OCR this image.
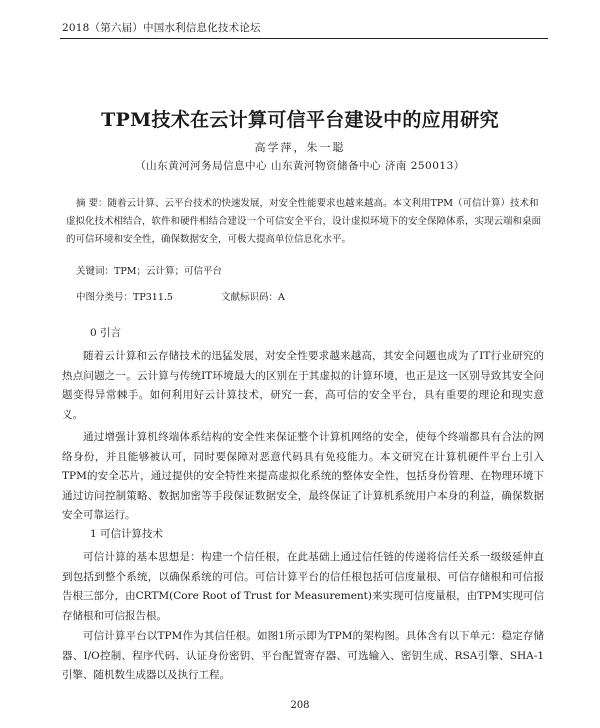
2018（第六届）中国水利信息化技术论坛
TPM技术在云计算可信平台建设中的应用研究
高学萍，朱一聪
（山东黄河河务局信息中心 山东黄河物资储备中心 济南 250013）
摘 要：随着云计算、云平台技术的快速发展，对安全性能要求也越来越高。本文利用TPM（可信计算）技术和虚拟化技术相结合，软件和硬件相结合建设一个可信安全平台，设计虚拟环境下的安全保障体系，实现云端和桌面的可信环境和安全性，确保数据安全，可极大提高单位信息化水平。
关键词：TPM；云计算；可信平台
中图分类号：TP311.5	文献标识码：A
0 引言
随着云计算和云存储技术的迅猛发展，对安全性要求越来越高，其安全问题也成为了IT行业研究的热点问题之一。云计算与传统IT环境最大的区别在于其虚拟的计算环境，也正是这一区别导致其安全问题变得异常棘手。如何利用好云计算技术，研究一套，高可信的安全平台，具有重要的理论和现实意义。
通过增强计算机终端体系结构的安全性来保证整个计算机网络的安全，使每个终端都具有合法的网络身份，并且能够被认可，同时要保障对恶意代码具有免疫能力。本文研究在计算机硬件平台上引入TPM的安全芯片，通过提供的安全特性来提高虚拟化系统的整体安全性，包括身份管理、在物理环境下通过访问控制策略、数据加密等手段保证数据安全，最终保证了计算机系统用户本身的利益，确保数据安全可靠运行。
1 可信计算技术
可信计算的基本思想是：构建一个信任根，在此基础上通过信任链的传递将信任关系一级级延伸直到包括到整个系统，以确保系统的可信。可信计算平台的信任根包括可信度量根、可信存储根和可信报告根三部分，由CRTM(Core Root of Trust for Measurement)来实现可信度量根，由TPM实现可信存储根和可信报告根。
可信计算平台以TPM作为其信任根。如图1所示即为TPM的架构图。具体含有以下单元：稳定存储器、I/O控制、程序代码、认证身份密钥、平台配置寄存器、可选输入、密钥生成、RSA引擎、SHA-1引擎、随机数生成器以及执行工程。
208
